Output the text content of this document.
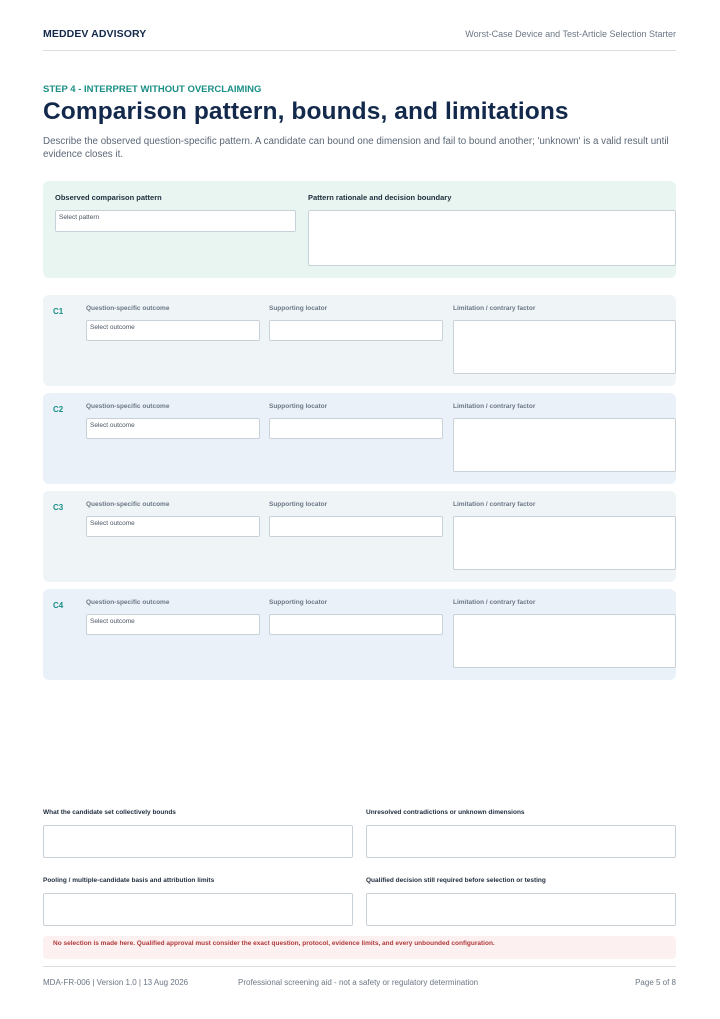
MEDDEV ADVISORY	Worst-Case Device and Test-Article Selection Starter
STEP 4 - INTERPRET WITHOUT OVERCLAIMING
Comparison pattern, bounds, and limitations
Describe the observed question-specific pattern. A candidate can bound one dimension and fail to bound another; 'unknown' is a valid result until evidence closes it.
Observed comparison pattern
Select pattern
Pattern rationale and decision boundary
C1	Question-specific outcome	Supporting locator	Limitation / contrary factor
Select outcome
C2	Question-specific outcome	Supporting locator	Limitation / contrary factor
Select outcome
C3	Question-specific outcome	Supporting locator	Limitation / contrary factor
Select outcome
C4	Question-specific outcome	Supporting locator	Limitation / contrary factor
Select outcome
What the candidate set collectively bounds	Unresolved contradictions or unknown dimensions
Pooling / multiple-candidate basis and attribution limits	Qualified decision still required before selection or testing
No selection is made here. Qualified approval must consider the exact question, protocol, evidence limits, and every unbounded configuration.
MDA-FR-006 | Version 1.0 | 13 Aug 2026	Professional screening aid - not a safety or regulatory determination	Page 5 of 8
